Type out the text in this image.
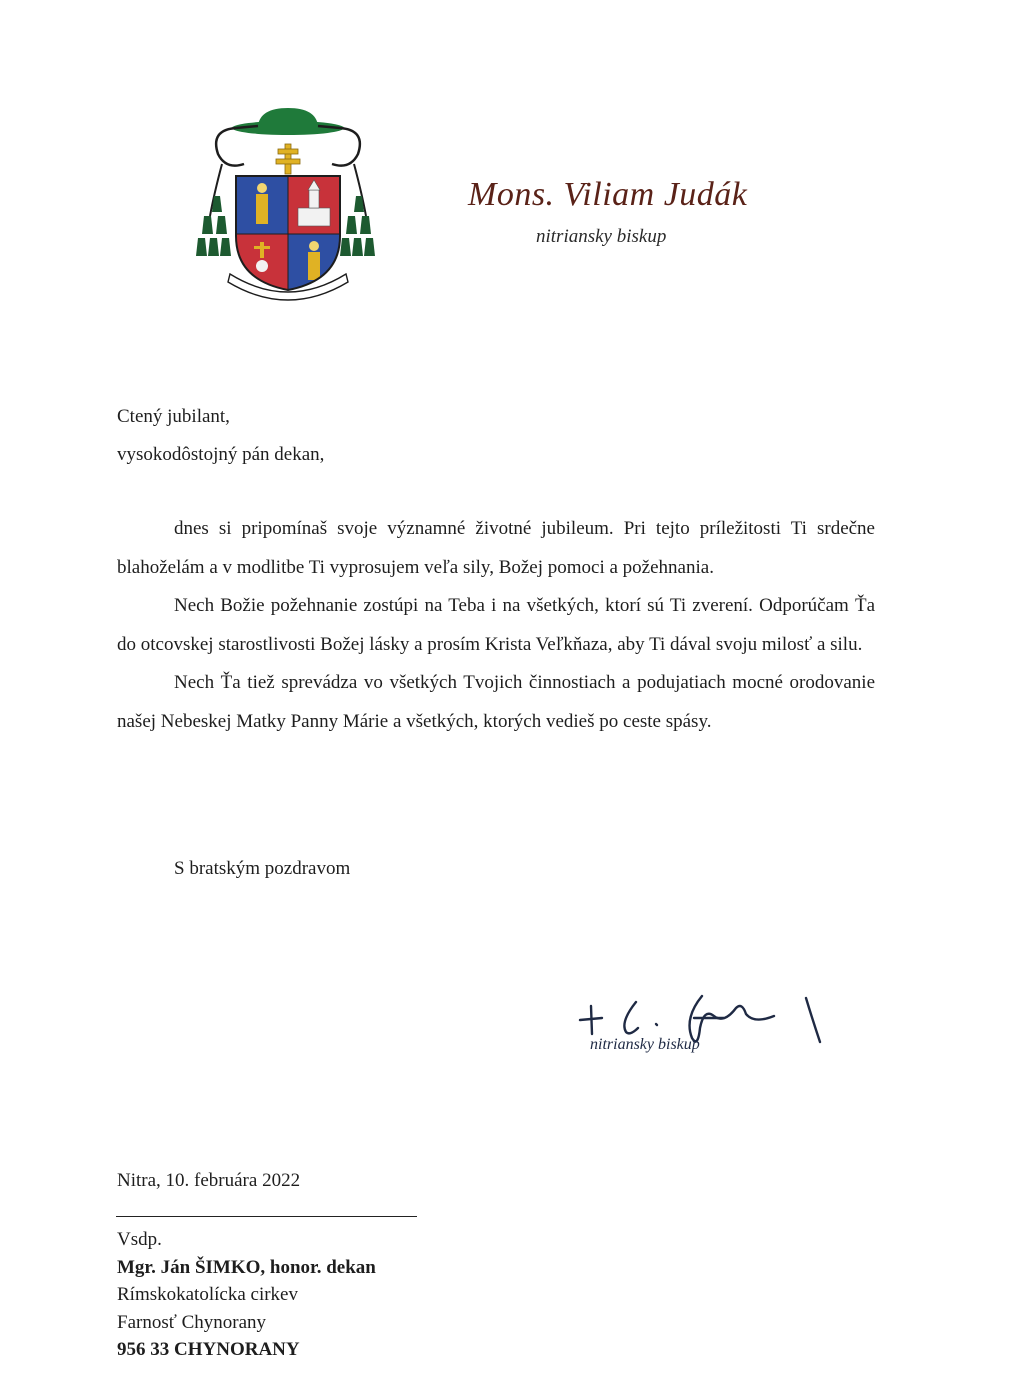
Mons. Viliam Judák
nitriansky biskup
Ctený jubilant,
vysokodôstojný pán dekan,

dnes si pripomínaš svoje významné životné jubileum. Pri tejto príležitosti Ti srdečne blahoželám a v modlitbe Ti vyprosujem veľa sily, Božej pomoci a požehnania.

Nech Božie požehnanie zostúpi na Teba i na všetkých, ktorí sú Ti zverení. Odporúčam Ťa do otcovskej starostlivosti Božej lásky a prosím Krista Veľkňaza, aby Ti dával svoju milosť a silu.

Nech Ťa tiež sprevádza vo všetkých Tvojich činnostiach a podujatiach mocné orodovanie našej Nebeskej Matky Panny Márie a všetkých, ktorých vedieš po ceste spásy.

S bratským pozdravom
nitriansky biskup
Nitra, 10. februára 2022
Vsdp.
Mgr. Ján ŠIMKO, honor. dekan
Rímskokatolícka cirkev
Farnosť Chynorany
956 33 CHYNORANY
